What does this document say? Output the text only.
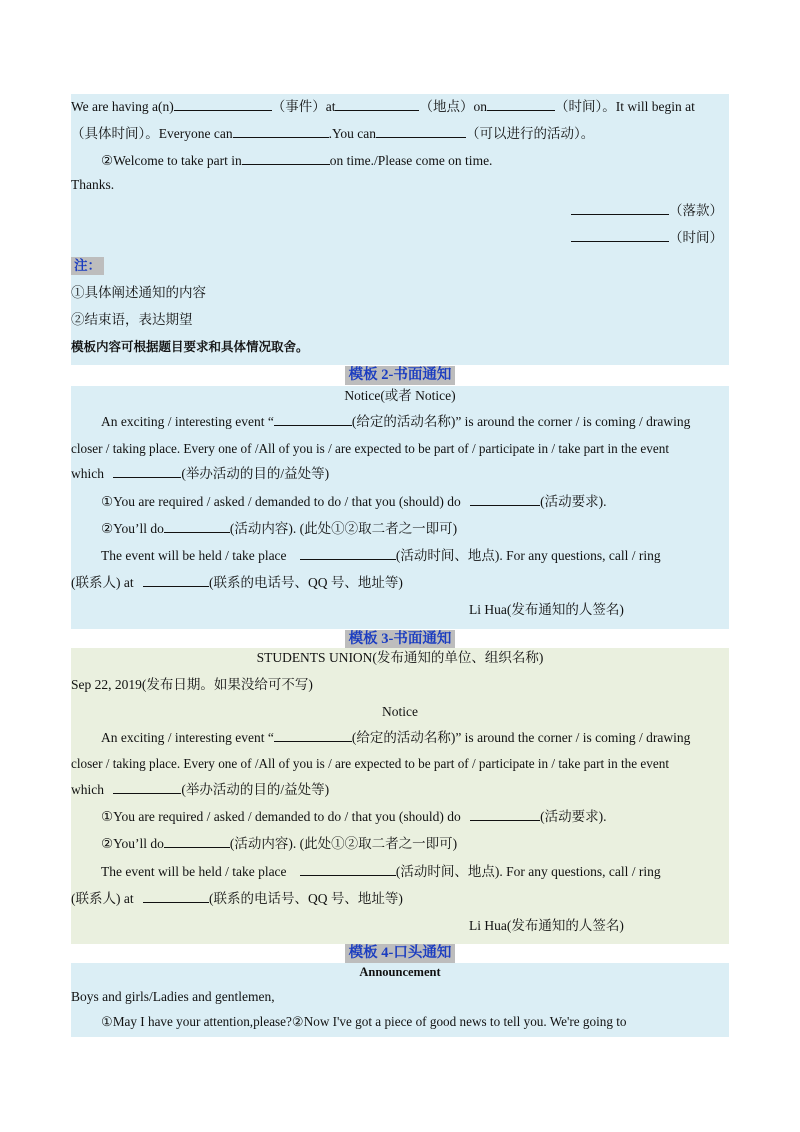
We are having a(n)	（事件）at	（地点）on	（时间）。It will begin at
（具体时间）。Everyone can	.You can	（可以进行的活动）。
②Welcome to take part in	on time./Please come on time.
Thanks.
（落款）
（时间）
注：
①具体阐述通知的内容
②结束语，表达期望
模板内容可根据题目要求和具体情况取舍。
模板 2-书面通知
Notice(或者 Notice)
An exciting / interesting event “	(给定的活动名称)” is around the corner / is coming / drawing
closer / taking place. Every one of /All of you is / are expected to be part of / participate in / take part in the event
which	(举办活动的目的/益处等)
①You are required / asked / demanded to do / that you (should) do	(活动要求).
②You’ll do	(活动内容). (此处①②取二者之一即可)
The event will be held / take place	(活动时间、地点). For any questions, call / ring
(联系人) at	(联系的电话号、QQ 号、地址等)
Li Hua(发布通知的人签名)
模板 3-书面通知
STUDENTS UNION(发布通知的单位、组织名称)
Sep 22, 2019(发布日期。如果没给可不写)
Notice
An exciting / interesting event “	(给定的活动名称)” is around the corner / is coming / drawing
closer / taking place. Every one of /All of you is / are expected to be part of / participate in / take part in the event
which	(举办活动的目的/益处等)
①You are required / asked / demanded to do / that you (should) do	(活动要求).
②You’ll do	(活动内容). (此处①②取二者之一即可)
The event will be held / take place	(活动时间、地点). For any questions, call / ring
(联系人) at	(联系的电话号、QQ 号、地址等)
Li Hua(发布通知的人签名)
模板 4-口头通知
Announcement
Boys and girls/Ladies and gentlemen,
①May I have your attention,please?②Now I've got a piece of good news to tell you. We're going to
